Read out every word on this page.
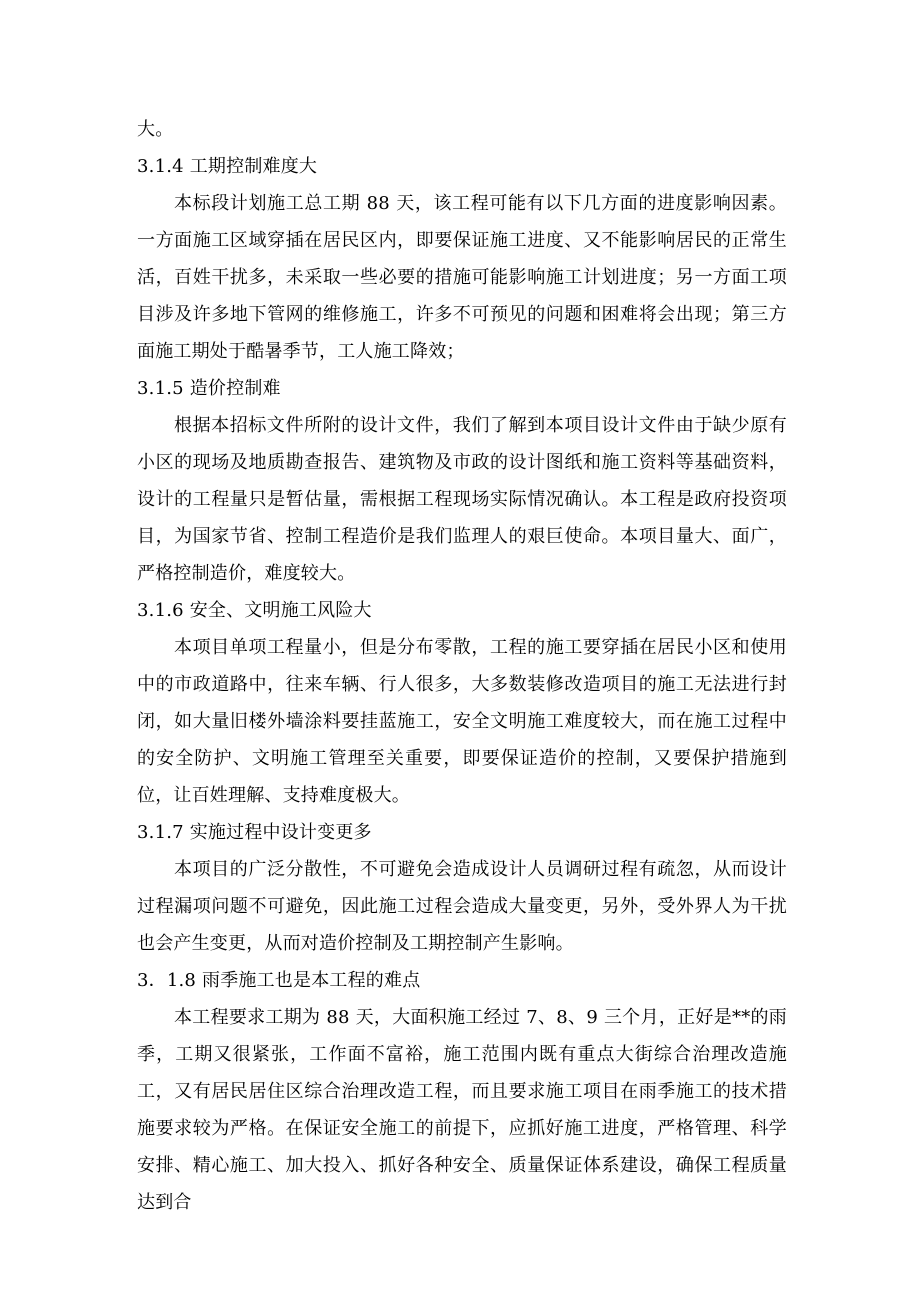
大。

3.1.4 工期控制难度大

本标段计划施工总工期 88 天，该工程可能有以下几方面的进度影响因素。一方面施工区域穿插在居民区内，即要保证施工进度、又不能影响居民的正常生活，百姓干扰多，未采取一些必要的措施可能影响施工计划进度；另一方面工项目涉及许多地下管网的维修施工，许多不可预见的问题和困难将会出现；第三方面施工期处于酷暑季节，工人施工降效；

3.1.5 造价控制难

根据本招标文件所附的设计文件，我们了解到本项目设计文件由于缺少原有小区的现场及地质勘查报告、建筑物及市政的设计图纸和施工资料等基础资料，设计的工程量只是暂估量，需根据工程现场实际情况确认。本工程是政府投资项目，为国家节省、控制工程造价是我们监理人的艰巨使命。本项目量大、面广，严格控制造价，难度较大。

3.1.6 安全、文明施工风险大

本项目单项工程量小，但是分布零散，工程的施工要穿插在居民小区和使用中的市政道路中，往来车辆、行人很多，大多数装修改造项目的施工无法进行封闭，如大量旧楼外墙涂料要挂蓝施工，安全文明施工难度较大，而在施工过程中的安全防护、文明施工管理至关重要，即要保证造价的控制，又要保护措施到位，让百姓理解、支持难度极大。

3.1.7 实施过程中设计变更多

本项目的广泛分散性，不可避免会造成设计人员调研过程有疏忽，从而设计过程漏项问题不可避免，因此施工过程会造成大量变更，另外，受外界人为干扰也会产生变更，从而对造价控制及工期控制产生影响。

3．1.8 雨季施工也是本工程的难点

本工程要求工期为 88 天，大面积施工经过 7、8、9 三个月，正好是**的雨季，工期又很紧张，工作面不富裕，施工范围内既有重点大街综合治理改造施工，又有居民居住区综合治理改造工程，而且要求施工项目在雨季施工的技术措施要求较为严格。在保证安全施工的前提下，应抓好施工进度，严格管理、科学安排、精心施工、加大投入、抓好各种安全、质量保证体系建设，确保工程质量达到合
